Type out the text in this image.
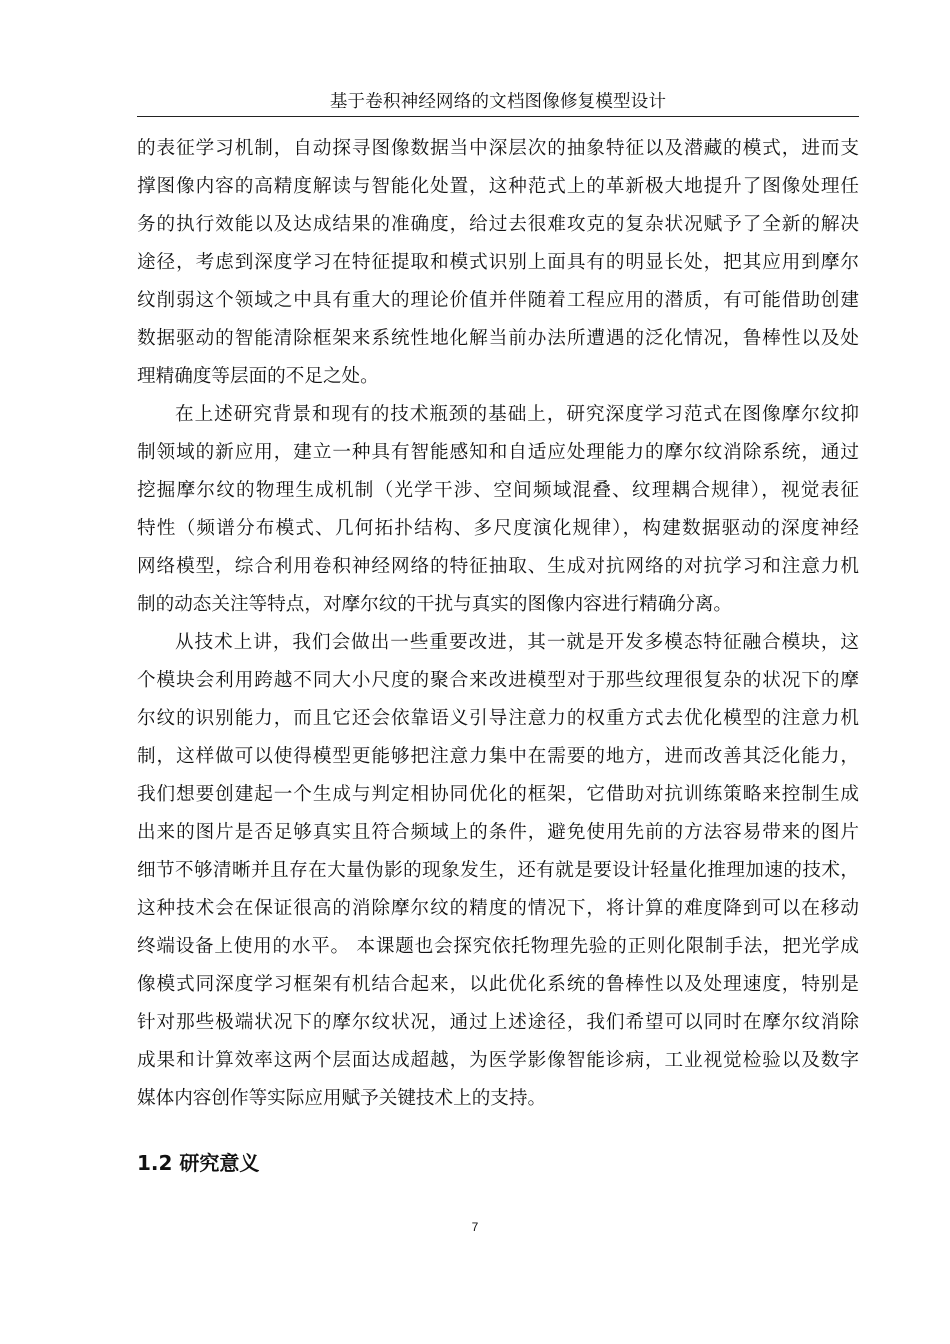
基于卷积神经网络的文档图像修复模型设计
的表征学习机制，自动探寻图像数据当中深层次的抽象特征以及潜藏的模式，进而支
撑图像内容的高精度解读与智能化处置，这种范式上的革新极大地提升了图像处理任
务的执行效能以及达成结果的准确度，给过去很难攻克的复杂状况赋予了全新的解决
途径，考虑到深度学习在特征提取和模式识别上面具有的明显长处，把其应用到摩尔
纹削弱这个领域之中具有重大的理论价值并伴随着工程应用的潜质，有可能借助创建
数据驱动的智能清除框架来系统性地化解当前办法所遭遇的泛化情况，鲁棒性以及处
理精确度等层面的不足之处。
在上述研究背景和现有的技术瓶颈的基础上，研究深度学习范式在图像摩尔纹抑
制领域的新应用，建立一种具有智能感知和自适应处理能力的摩尔纹消除系统，通过
挖掘摩尔纹的物理生成机制（光学干涉、空间频域混叠、纹理耦合规律），视觉表征
特性（频谱分布模式、几何拓扑结构、多尺度演化规律），构建数据驱动的深度神经
网络模型，综合利用卷积神经网络的特征抽取、生成对抗网络的对抗学习和注意力机
制的动态关注等特点，对摩尔纹的干扰与真实的图像内容进行精确分离。
从技术上讲，我们会做出一些重要改进，其一就是开发多模态特征融合模块，这
个模块会利用跨越不同大小尺度的聚合来改进模型对于那些纹理很复杂的状况下的摩
尔纹的识别能力，而且它还会依靠语义引导注意力的权重方式去优化模型的注意力机
制，这样做可以使得模型更能够把注意力集中在需要的地方，进而改善其泛化能力，
我们想要创建起一个生成与判定相协同优化的框架，它借助对抗训练策略来控制生成
出来的图片是否足够真实且符合频域上的条件，避免使用先前的方法容易带来的图片
细节不够清晰并且存在大量伪影的现象发生，还有就是要设计轻量化推理加速的技术，
这种技术会在保证很高的消除摩尔纹的精度的情况下，将计算的难度降到可以在移动
终端设备上使用的水平。 本课题也会探究依托物理先验的正则化限制手法，把光学成
像模式同深度学习框架有机结合起来，以此优化系统的鲁棒性以及处理速度，特别是
针对那些极端状况下的摩尔纹状况，通过上述途径，我们希望可以同时在摩尔纹消除
成果和计算效率这两个层面达成超越，为医学影像智能诊病，工业视觉检验以及数字
媒体内容创作等实际应用赋予关键技术上的支持。
1.2 研究意义
7
